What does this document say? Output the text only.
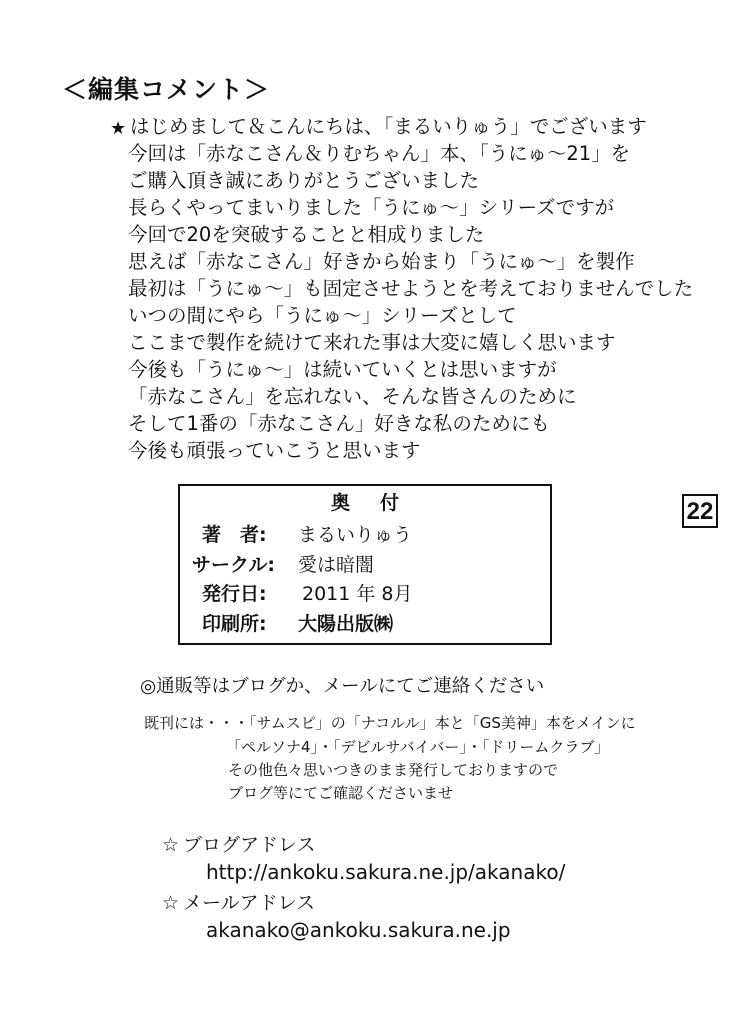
＜編集コメント＞
★ はじめまして＆こんにちは、「まるいりゅう」でございます
今回は「赤なこさん＆りむちゃん」本、「うにゅ～21」を
ご購入頂き誠にありがとうございました
長らくやってまいりました「うにゅ～」シリーズですが
今回で20を突破することと相成りました
思えば「赤なこさん」好きから始まり「うにゅ～」を製作
最初は「うにゅ～」も固定させようとを考えておりませんでした
いつの間にやら「うにゅ～」シリーズとして
ここまで製作を続けて来れた事は大変に嬉しく思います
今後も「うにゅ～」は続いていくとは思いますが
「赤なこさん」を忘れない、そんな皆さんのために
そして1番の「赤なこさん」好きな私のためにも
今後も頑張っていこうと思います
奥付
著　者: まるいりゅう
サークル: 愛は暗闇
発行日: 2011 年 8月
印刷所: 大陽出版㈱
22
◎通販等はブログか、メールにてご連絡ください
既刊には・・・「サムスピ」の「ナコルル」本と「GS美神」本をメインに
「ペルソナ4」・「デビルサバイバー」・「ドリームクラブ」
その他色々思いつきのまま発行しておりますので
ブログ等にてご確認くださいませ
☆ ブログアドレス
http://ankoku.sakura.ne.jp/akanako/
☆ メールアドレス
akanako@ankoku.sakura.ne.jp
